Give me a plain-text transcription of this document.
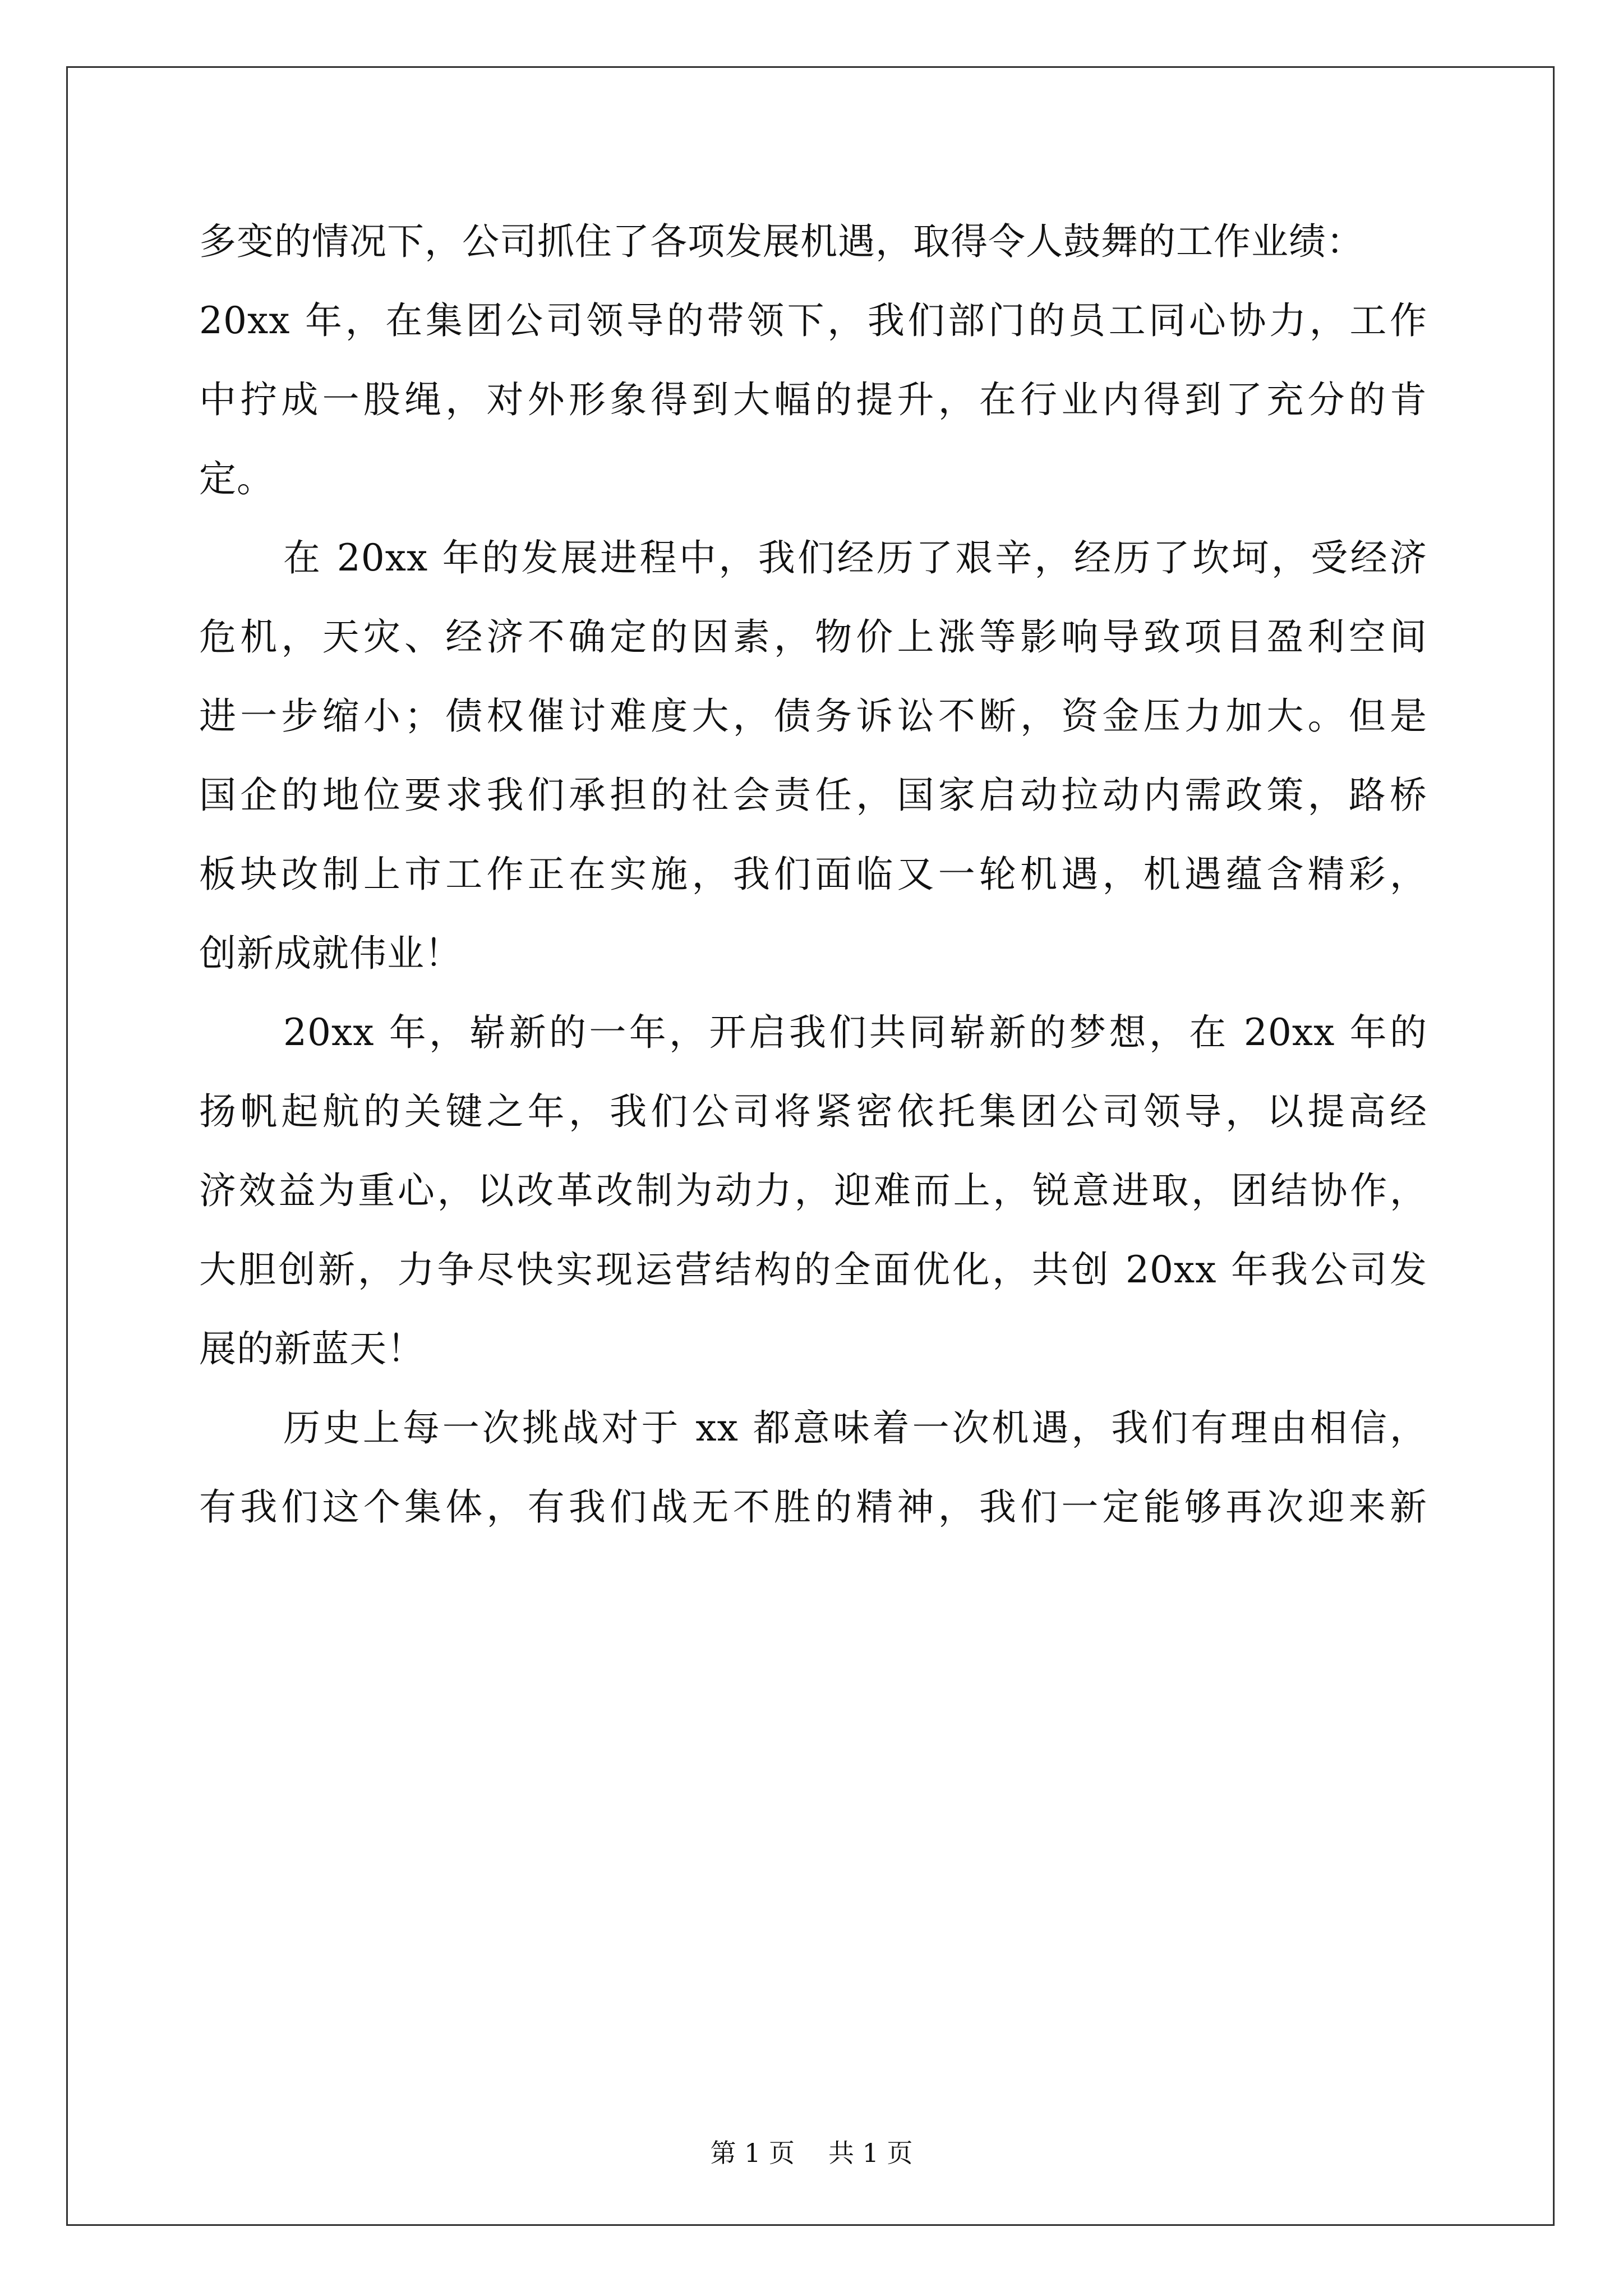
多变的情况下，公司抓住了各项发展机遇，取得令人鼓舞的工作业绩：
20xx 年，在集团公司领导的带领下，我们部门的员工同心协力，工作
中拧成一股绳，对外形象得到大幅的提升，在行业内得到了充分的肯
定。
在 20xx 年的发展进程中，我们经历了艰辛，经历了坎坷，受经济
危机，天灾、经济不确定的因素，物价上涨等影响导致项目盈利空间
进一步缩小；债权催讨难度大，债务诉讼不断，资金压力加大。但是
国企的地位要求我们承担的社会责任，国家启动拉动内需政策，路桥
板块改制上市工作正在实施，我们面临又一轮机遇，机遇蕴含精彩，
创新成就伟业！
20xx 年，崭新的一年，开启我们共同崭新的梦想，在 20xx 年的
扬帆起航的关键之年，我们公司将紧密依托集团公司领导，以提高经
济效益为重心，以改革改制为动力，迎难而上，锐意进取，团结协作，
大胆创新，力争尽快实现运营结构的全面优化，共创 20xx 年我公司发
展的新蓝天！
历史上每一次挑战对于 xx 都意味着一次机遇，我们有理由相信，
有我们这个集体，有我们战无不胜的精神，我们一定能够再次迎来新
第 1 页 共 1 页
